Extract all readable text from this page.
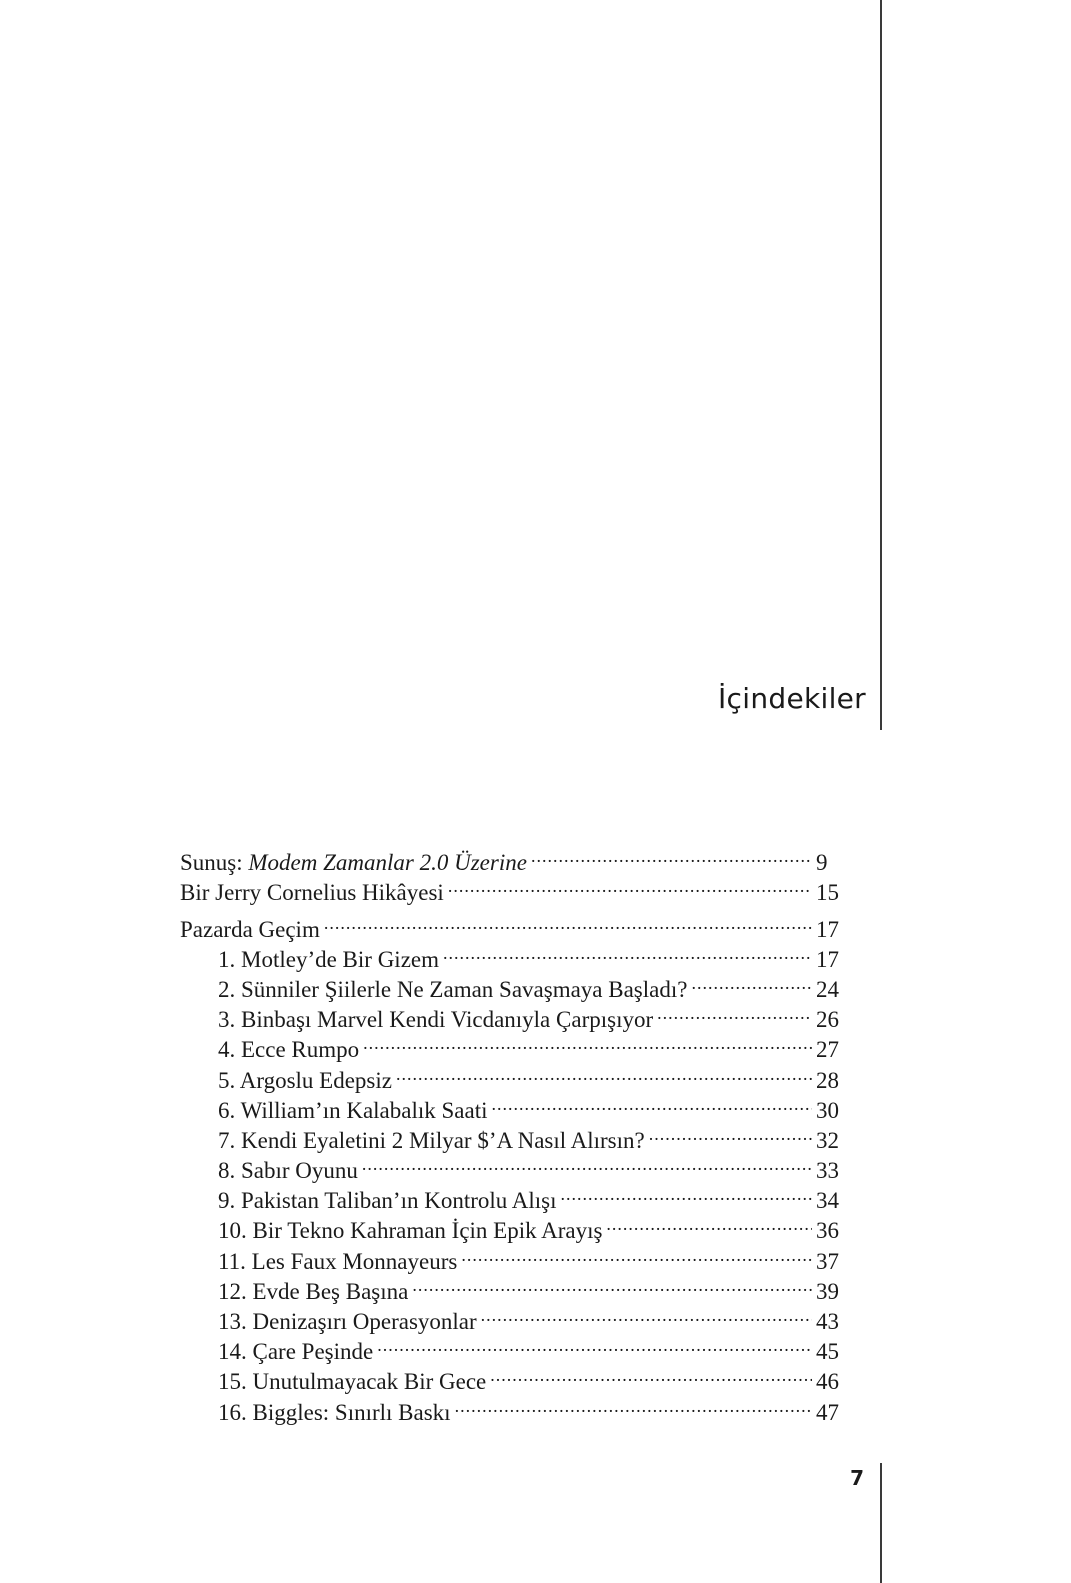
İçindekiler
Sunuş: Modem Zamanlar 2.0 Üzerine .....	9
Bir Jerry Cornelius Hikâyesi .....	15
Pazarda Geçim .....	17
1. Motley’de Bir Gizem .....	17
2. Sünniler Şiilerle Ne Zaman Savaşmaya Başladı? .....	24
3. Binbaşı Marvel Kendi Vicdanıyla Çarpışıyor .....	26
4. Ecce Rumpo .....	27
5. Argoslu Edepsiz .....	28
6. William’ın Kalabalık Saati .....	30
7. Kendi Eyaletini 2 Milyar $’A Nasıl Alırsın? .....	32
8. Sabır Oyunu .....	33
9. Pakistan Taliban’ın Kontrolu Alışı .....	34
10. Bir Tekno Kahraman İçin Epik Arayış .....	36
11. Les Faux Monnayeurs .....	37
12. Evde Beş Başına .....	39
13. Denizaşırı Operasyonlar .....	43
14. Çare Peşinde .....	45
15. Unutulmayacak Bir Gece .....	46
16. Biggles: Sınırlı Baskı .....	47
7
